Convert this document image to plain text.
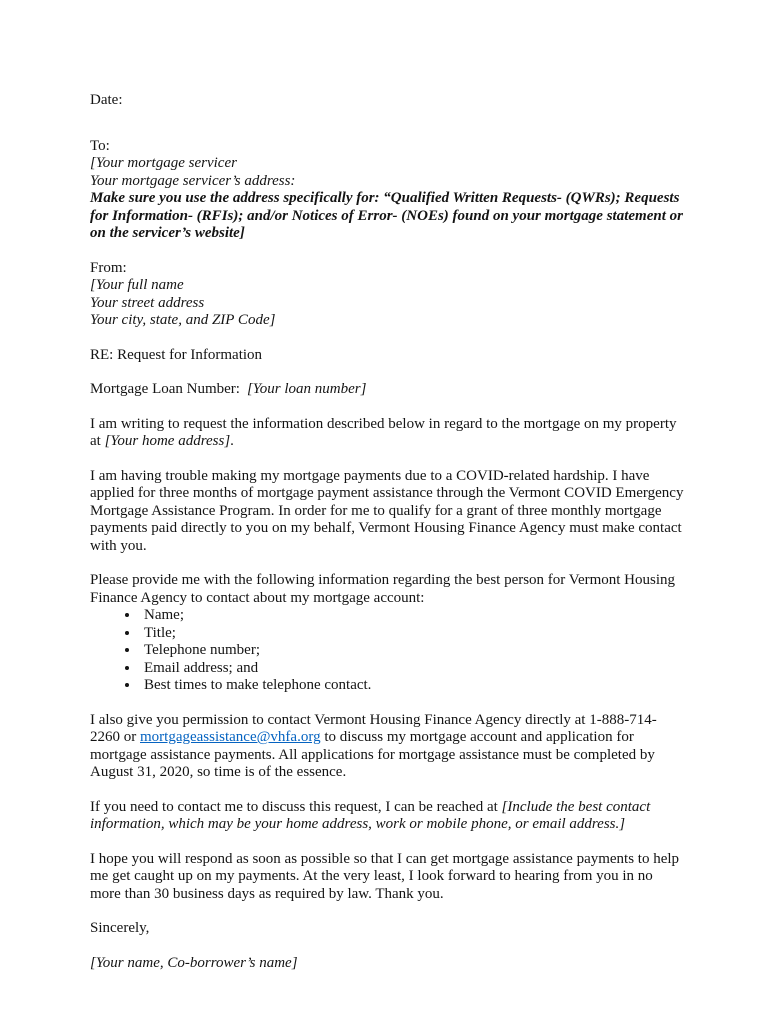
Date:

To:

[Your mortgage servicer

Your mortgage servicer’s address:

Make sure you use the address specifically for: “Qualified Written Requests- (QWRs); Requests for Information- (RFIs); and/or Notices of Error- (NOEs) found on your mortgage statement or on the servicer’s website]

From:

[Your full name

Your street address

Your city, state, and ZIP Code]

RE: Request for Information

Mortgage Loan Number: [Your loan number]

I am writing to request the information described below in regard to the mortgage on my property at [Your home address].

I am having trouble making my mortgage payments due to a COVID-related hardship. I have applied for three months of mortgage payment assistance through the Vermont COVID Emergency Mortgage Assistance Program. In order for me to qualify for a grant of three monthly mortgage payments paid directly to you on my behalf, Vermont Housing Finance Agency must make contact with you.

Please provide me with the following information regarding the best person for Vermont Housing Finance Agency to contact about my mortgage account:

• Name;
• Title;
• Telephone number;
• Email address; and
• Best times to make telephone contact.

I also give you permission to contact Vermont Housing Finance Agency directly at 1-888-714-2260 or mortgageassistance@vhfa.org to discuss my mortgage account and application for mortgage assistance payments. All applications for mortgage assistance must be completed by August 31, 2020, so time is of the essence.

If you need to contact me to discuss this request, I can be reached at [Include the best contact information, which may be your home address, work or mobile phone, or email address.]

I hope you will respond as soon as possible so that I can get mortgage assistance payments to help me get caught up on my payments. At the very least, I look forward to hearing from you in no more than 30 business days as required by law. Thank you.

Sincerely,

[Your name, Co-borrower’s name]
